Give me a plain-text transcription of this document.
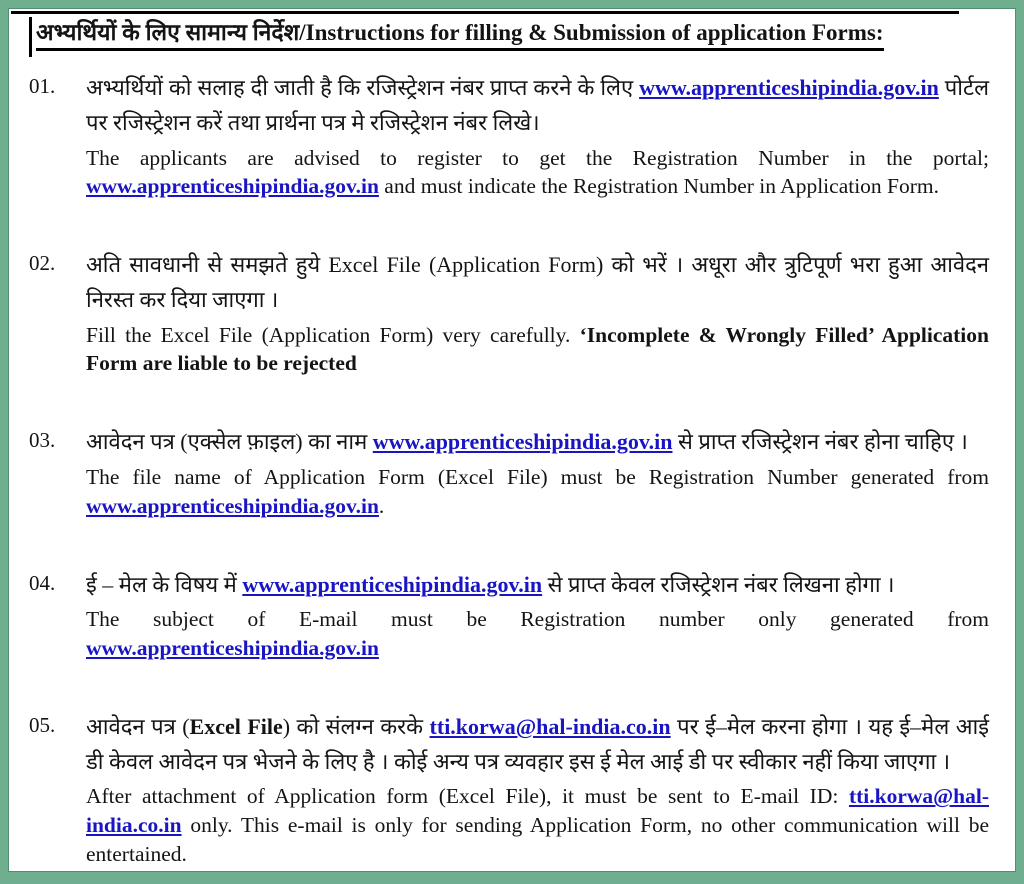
अभ्यर्थियों के लिए सामान्य निर्देश/Instructions for filling & Submission of application Forms:
01.	अभ्यर्थियों को सलाह दी जाती है कि रजिस्ट्रेशन नंबर प्राप्त करने के लिए www.apprenticeshipindia.gov.in पोर्टल पर रजिस्ट्रेशन करें तथा प्रार्थना पत्र मे रजिस्ट्रेशन नंबर लिखे।

The applicants are advised to register to get the Registration Number in the portal; www.apprenticeshipindia.gov.in and must indicate the Registration Number in Application Form.

02.	अति सावधानी से समझते हुये Excel File (Application Form) को भरें । अधूरा और त्रुटिपूर्ण भरा हुआ आवेदन निरस्त कर दिया जाएगा ।

Fill the Excel File (Application Form) very carefully. ‘Incomplete & Wrongly Filled’ Application Form are liable to be rejected

03.	आवेदन पत्र (एक्सेल फ़ाइल) का नाम www.apprenticeshipindia.gov.in से प्राप्त रजिस्ट्रेशन नंबर होना चाहिए ।

The file name of Application Form (Excel File) must be Registration Number generated from www.apprenticeshipindia.gov.in.

04.	ई – मेल के विषय में www.apprenticeshipindia.gov.in से प्राप्त केवल रजिस्ट्रेशन नंबर लिखना होगा ।

The subject of E-mail must be Registration number only generated from www.apprenticeshipindia.gov.in

05.	आवेदन पत्र (Excel File) को संलग्न करके tti.korwa@hal-india.co.in पर ई–मेल करना होगा । यह ई–मेल आई डी केवल आवेदन पत्र भेजने के लिए है । कोई अन्य पत्र व्यवहार इस ई मेल आई डी पर स्वीकार नहीं किया जाएगा ।

After attachment of Application form (Excel File), it must be sent to E-mail ID: tti.korwa@hal-india.co.in only. This e-mail is only for sending Application Form, no other communication will be entertained.
